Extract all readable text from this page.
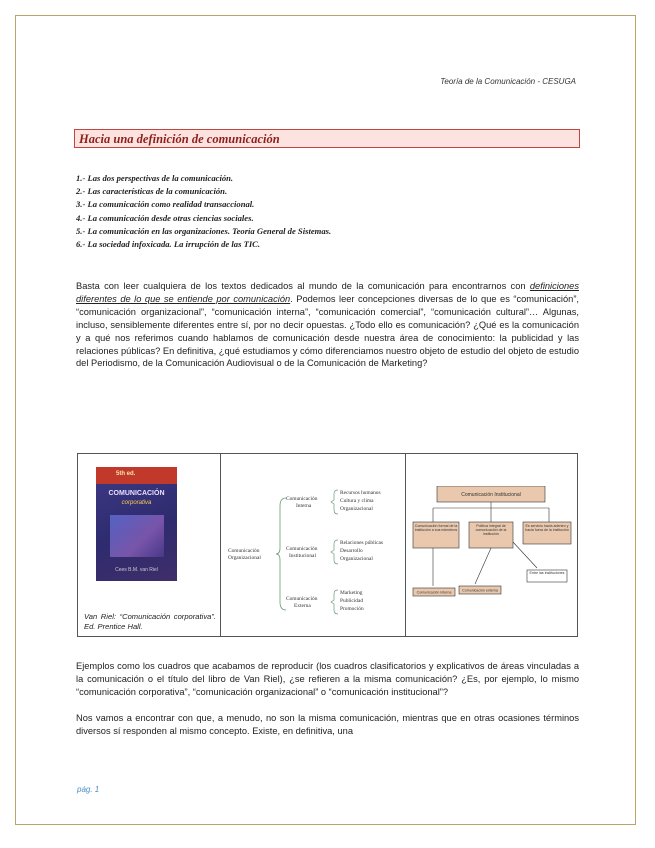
Teoría de la Comunicación - CESUGA
Hacia una definición de comunicación
1.- Las dos perspectivas de la comunicación.
2.- Las características de la comunicación.
3.- La comunicación como realidad transaccional.
4.- La comunicación desde otras ciencias sociales.
5.- La comunicación en las organizaciones. Teoría General de Sistemas.
6.- La sociedad infoxicada. La irrupción de las TIC.

Basta con leer cualquiera de los textos dedicados al mundo de la comunicación para encontrarnos con definiciones diferentes de lo que se entiende por comunicación. Podemos leer concepciones diversas de lo que es “comunicación”, “comunicación organizacional”, “comunicación interna”, “comunicación comercial”, “comunicación cultural”… Algunas, incluso, sensiblemente diferentes entre sí, por no decir opuestas. ¿Todo ello es comunicación? ¿Qué es la comunicación y a qué nos referimos cuando hablamos de comunicación desde nuestra área de conocimiento: la publicidad y las relaciones públicas? En definitiva, ¿qué estudiamos y cómo diferenciamos nuestro objeto de estudio del objeto de estudio del Periodismo, de la Comunicación Audiovisual o de la Comunicación de Marketing?

5th ed.
COMUNICACIÓN
corporativa
Cees B.M. van Riel

Van Riel: “Comunicación corporativa”. Ed. Prentice Hall.

Comunicación
Organizacional
Comunicación
Interna
Comunicación
Institucional
Comunicación
Externa
Recursos humanos
Cultura y clima
Organizacional
Relaciones públicas
Desarrollo
Organizacional
Marketing
Publicidad
Promoción
Comunicación Institucional
Comunicación formal de la institución a sus miembros
Política integral de comunicación de la institución
Es servicio hacia adentro y hacia fuera de la institución
Entre las instituciones
Comunicación interna	Comunicación externa

Ejemplos como los cuadros que acabamos de reproducir (los cuadros clasificatorios y explicativos de áreas vinculadas a la comunicación o el título del libro de Van Riel), ¿se refieren a la misma comunicación? ¿Es, por ejemplo, lo mismo “comunicación corporativa”, “comunicación organizacional” o “comunicación institucional”?

Nos vamos a encontrar con que, a menudo, no son la misma comunicación, mientras que en otras ocasiones términos diversos sí responden al mismo concepto. Existe, en definitiva, una

pág. 1
